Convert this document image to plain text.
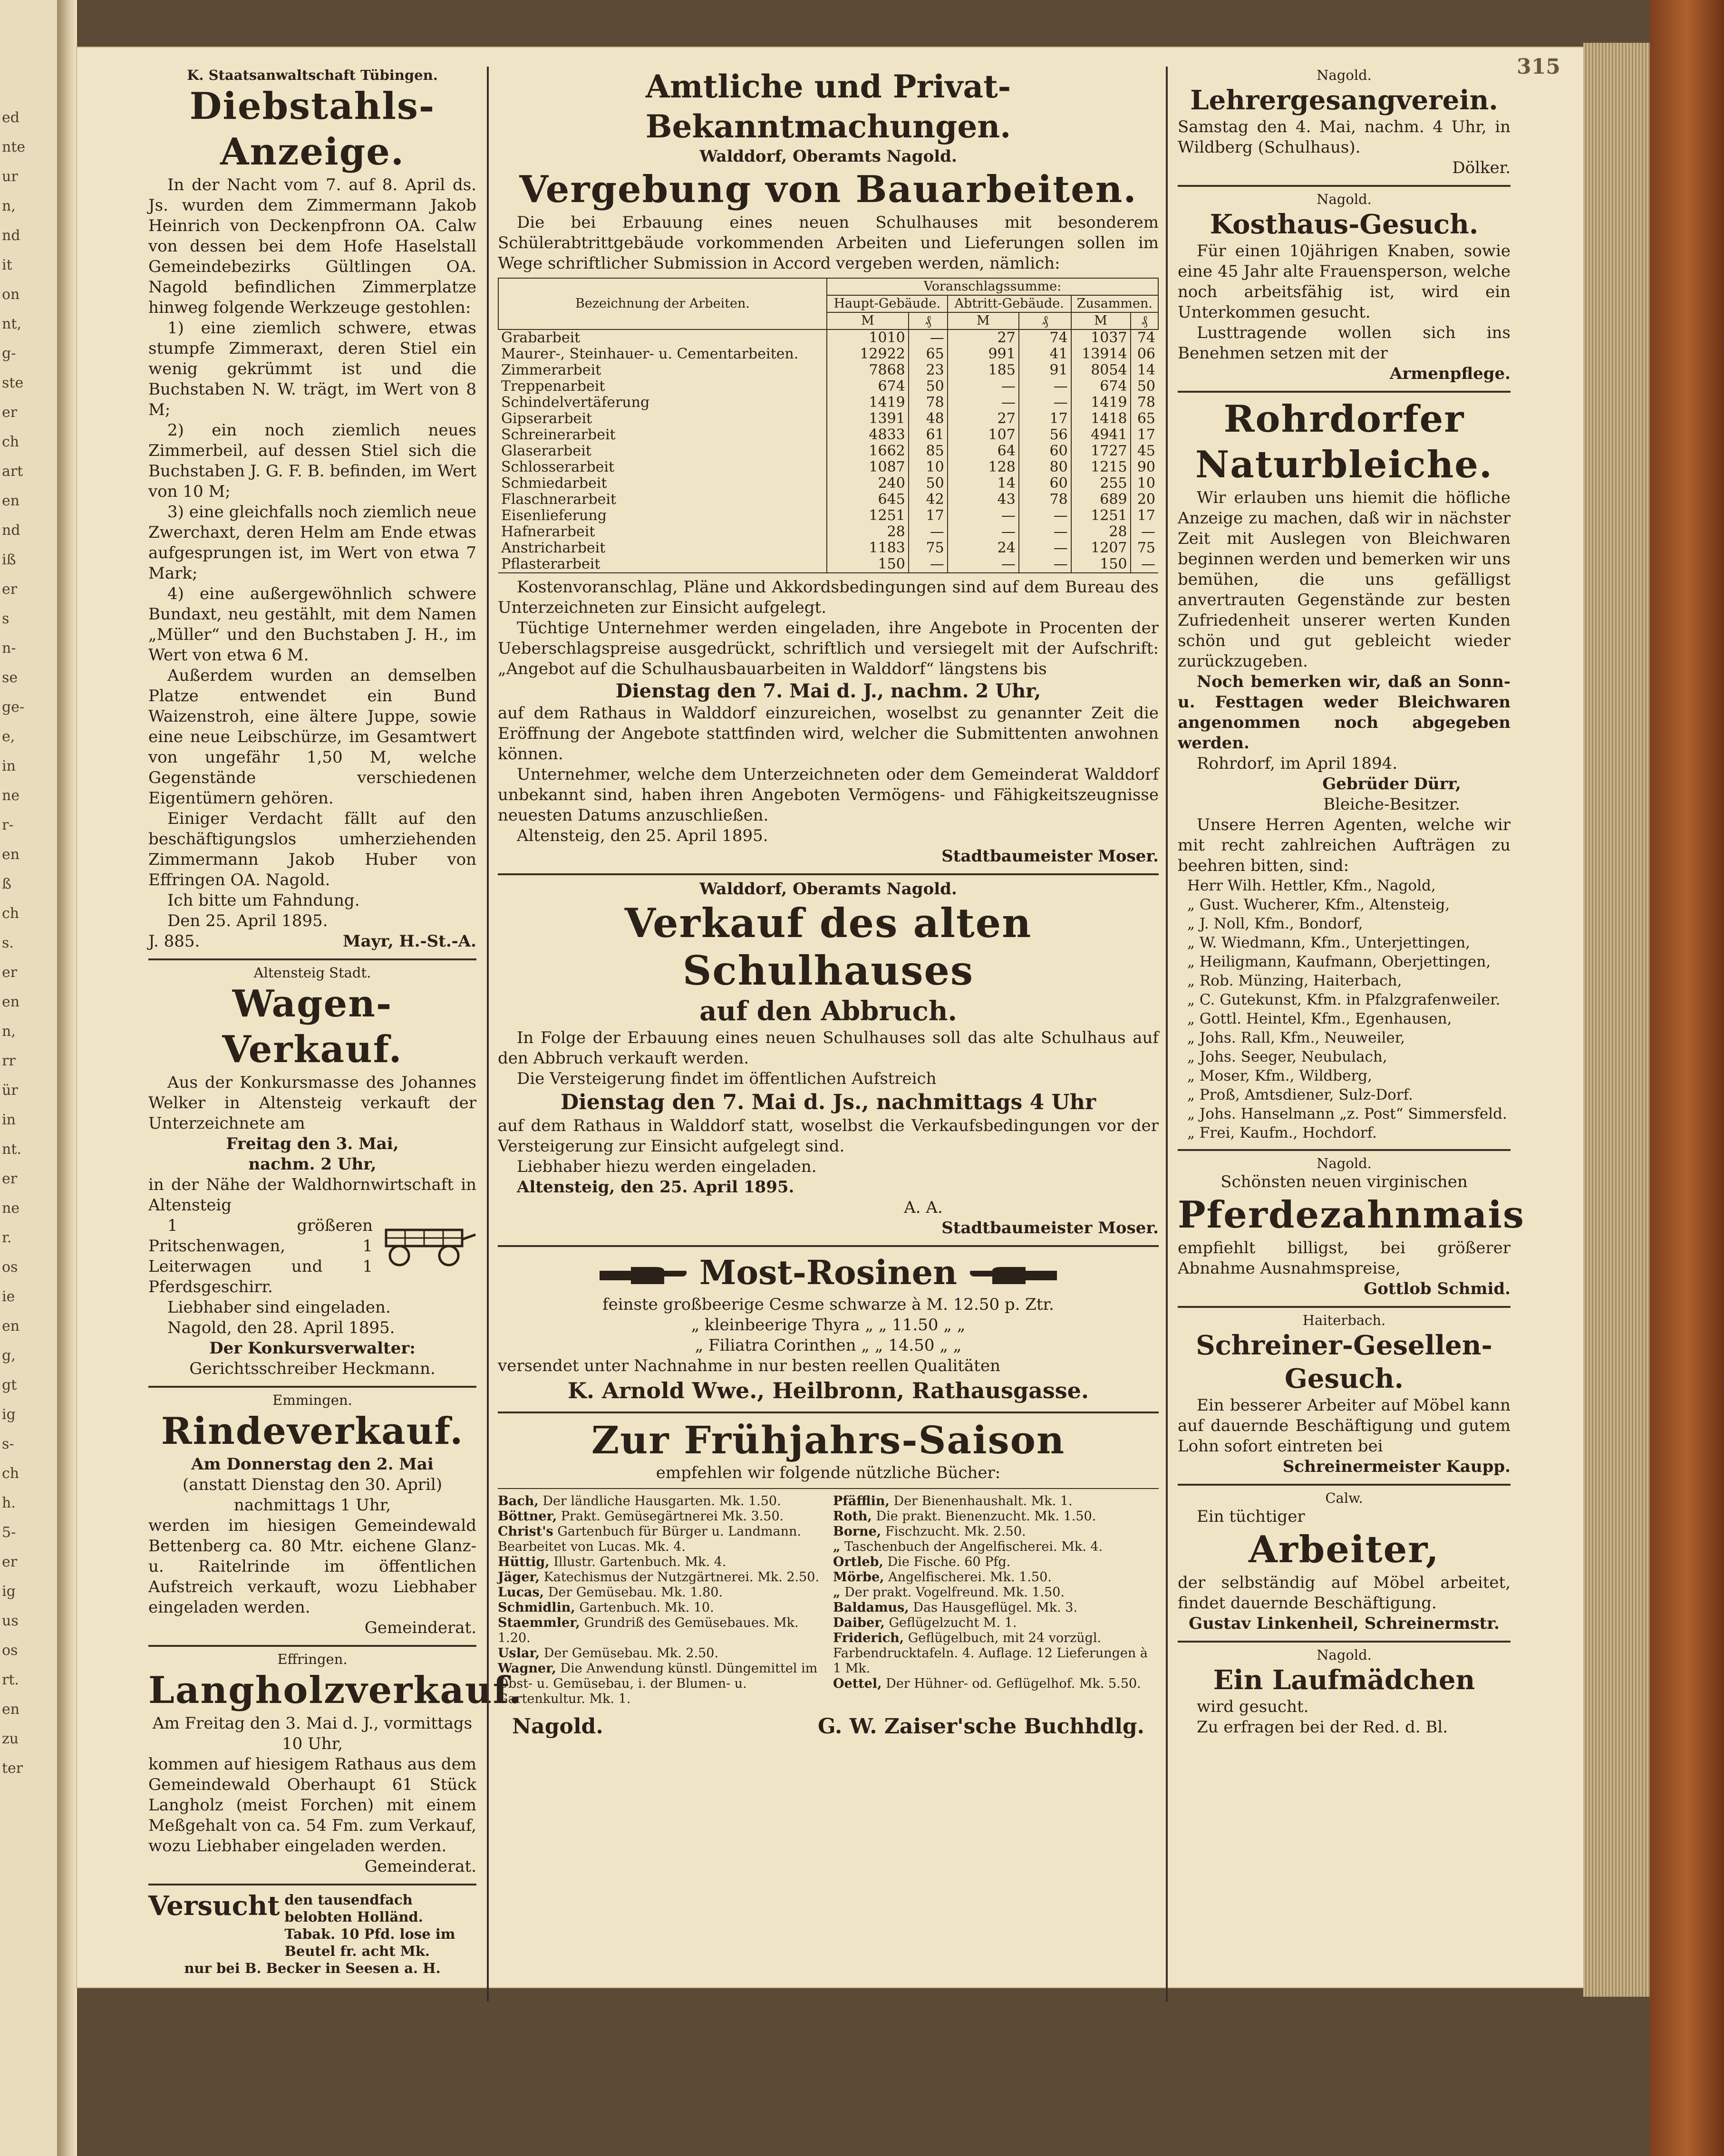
ed
nte
ur
n,
nd
it
on
nt,
g-
ste
er
ch
art
en
nd
iß
er
s
n-
se
ge-
e,
in
ne
r-
en
ß
ch
s.
er
en
n,
rr
ür
in
nt.
er
ne
r.
os
ie
en
g,
gt
ig
s-
ch
h.
5-
er
ig
us
os
rt.
en
zu
ter

K. Staatsanwaltschaft Tübingen.

Diebstahls-Anzeige.

In der Nacht vom 7. auf 8. April ds. Js. wurden dem Zimmermann Jakob Heinrich von Deckenpfronn OA. Calw von dessen bei dem Hofe Haselstall Gemeindebezirks Gültlingen OA. Nagold befindlichen Zimmerplatze hinweg folgende Werkzeuge gestohlen:

1) eine ziemlich schwere, etwas stumpfe Zimmeraxt, deren Stiel ein wenig gekrümmt ist und die Buchstaben N. W. trägt, im Wert von 8 M;

2) ein noch ziemlich neues Zimmerbeil, auf dessen Stiel sich die Buchstaben J. G. F. B. befinden, im Wert von 10 M;

3) eine gleichfalls noch ziemlich neue Zwerchaxt, deren Helm am Ende etwas aufgesprungen ist, im Wert von etwa 7 Mark;

4) eine außergewöhnlich schwere Bundaxt, neu gestählt, mit dem Namen „Müller“ und den Buchstaben J. H., im Wert von etwa 6 M.

Außerdem wurden an demselben Platze entwendet ein Bund Waizenstroh, eine ältere Juppe, sowie eine neue Leibschürze, im Gesamtwert von ungefähr 1,50 M, welche Gegenstände verschiedenen Eigentümern gehören.

Einiger Verdacht fällt auf den beschäftigungslos umherziehenden Zimmermann Jakob Huber von Effringen OA. Nagold.

Ich bitte um Fahndung.

Den 25. April 1895.

J. 885.	Mayr, H.-St.-A.

Altensteig Stadt.

Wagen-Verkauf.

Aus der Konkursmasse des Johannes Welker in Altensteig verkauft der Unterzeichnete am

Freitag den 3. Mai,

nachm. 2 Uhr,

in der Nähe der Waldhornwirtschaft in Altensteig

1 größeren Pritschenwagen, 1 Leiterwagen und 1 Pferdsgeschirr.

Liebhaber sind eingeladen.

Nagold, den 28. April 1895.

Der Konkursverwalter:

Gerichtsschreiber Heckmann.

Emmingen.

Rindeverkauf.

Am Donnerstag den 2. Mai

(anstatt Dienstag den 30. April)

nachmittags 1 Uhr,

werden im hiesigen Gemeindewald Bettenberg ca. 80 Mtr. eichene Glanz- u. Raitelrinde im öffentlichen Aufstreich verkauft, wozu Liebhaber eingeladen werden.

Gemeinderat.

Effringen.

Langholzverkauf.

Am Freitag den 3. Mai d. J., vormittags 10 Uhr,

kommen auf hiesigem Rathaus aus dem Gemeindewald Oberhaupt 61 Stück Langholz (meist Forchen) mit einem Meßgehalt von ca. 54 Fm. zum Verkauf, wozu Liebhaber eingeladen werden.

Gemeinderat.

Versucht den tausendfach belobten Holländ. Tabak. 10 Pfd. lose im Beutel fr. acht Mk.

nur bei B. Becker in Seesen a. H.

Amtliche und Privat-Bekanntmachungen.

Walddorf, Oberamts Nagold.

Vergebung von Bauarbeiten.

Die bei Erbauung eines neuen Schulhauses mit besonderem Schülerabtrittgebäude vorkommenden Arbeiten und Lieferungen sollen im Wege schriftlicher Submission in Accord vergeben werden, nämlich:

Bezeichnung der Arbeiten.	Voranschlagssumme:					
	Haupt-Gebäude.		Abtritt-Gebäude.		Zusammen.	
	M	₰	M	₰	M	₰
Grabarbeit	1010	—	27	74	1037	74
Maurer-, Steinhauer- u. Cementarbeiten.	12922	65	991	41	13914	06
Zimmerarbeit	7868	23	185	91	8054	14
Treppenarbeit	674	50	—	—	674	50
Schindelvertäferung	1419	78	—	—	1419	78
Gipserarbeit	1391	48	27	17	1418	65
Schreinerarbeit	4833	61	107	56	4941	17
Glaserarbeit	1662	85	64	60	1727	45
Schlosserarbeit	1087	10	128	80	1215	90
Schmiedarbeit	240	50	14	60	255	10
Flaschnerarbeit	645	42	43	78	689	20
Eisenlieferung	1251	17	—	—	1251	17
Hafnerarbeit	28	—	—	—	28	—
Anstricharbeit	1183	75	24	—	1207	75
Pflasterarbeit	150	—	—	—	150	—

Kostenvoranschlag, Pläne und Akkordsbedingungen sind auf dem Bureau des Unterzeichneten zur Einsicht aufgelegt.

Tüchtige Unternehmer werden eingeladen, ihre Angebote in Procenten der Ueberschlagspreise ausgedrückt, schriftlich und versiegelt mit der Aufschrift: „Angebot auf die Schulhausbauarbeiten in Walddorf“ längstens bis

Dienstag den 7. Mai d. J., nachm. 2 Uhr,

auf dem Rathaus in Walddorf einzureichen, woselbst zu genannter Zeit die Eröffnung der Angebote stattfinden wird, welcher die Submittenten anwohnen können.

Unternehmer, welche dem Unterzeichneten oder dem Gemeinderat Walddorf unbekannt sind, haben ihren Angeboten Vermögens- und Fähigkeitszeugnisse neuesten Datums anzuschließen.

Altensteig, den 25. April 1895.

Stadtbaumeister Moser.

Walddorf, Oberamts Nagold.

Verkauf des alten Schulhauses

auf den Abbruch.

In Folge der Erbauung eines neuen Schulhauses soll das alte Schulhaus auf den Abbruch verkauft werden.

Die Versteigerung findet im öffentlichen Aufstreich

Dienstag den 7. Mai d. Js., nachmittags 4 Uhr

auf dem Rathaus in Walddorf statt, woselbst die Verkaufsbedingungen vor der Versteigerung zur Einsicht aufgelegt sind.

Liebhaber hiezu werden eingeladen.

Altensteig, den 25. April 1895.

A. A.

Stadtbaumeister Moser.

Most-Rosinen

feinste großbeerige Cesme schwarze à M. 12.50 p. Ztr.

„ kleinbeerige Thyra „ „ 11.50 „ „

„ Filiatra Corinthen „ „ 14.50 „ „

versendet unter Nachnahme in nur besten reellen Qualitäten

K. Arnold Wwe., Heilbronn, Rathausgasse.

Zur Frühjahrs-Saison

empfehlen wir folgende nützliche Bücher:

Bach, Der ländliche Hausgarten. Mk. 1.50.

Böttner, Prakt. Gemüsegärtnerei Mk. 3.50.

Christ's Gartenbuch für Bürger u. Landmann. Bearbeitet von Lucas. Mk. 4.

Hüttig, Illustr. Gartenbuch. Mk. 4.

Jäger, Katechismus der Nutzgärtnerei. Mk. 2.50.

Lucas, Der Gemüsebau. Mk. 1.80.

Schmidlin, Gartenbuch. Mk. 10.

Staemmler, Grundriß des Gemüsebaues. Mk. 1.20.

Uslar, Der Gemüsebau. Mk. 2.50.

Wagner, Die Anwendung künstl. Düngemittel im Obst- u. Gemüsebau, i. der Blumen- u. Gartenkultur. Mk. 1.

Pfäfflin, Der Bienenhaushalt. Mk. 1.

Roth, Die prakt. Bienenzucht. Mk. 1.50.

Borne, Fischzucht. Mk. 2.50.

„ Taschenbuch der Angelfischerei. Mk. 4.

Ortleb, Die Fische. 60 Pfg.

Mörbe, Angelfischerei. Mk. 1.50.

„ Der prakt. Vogelfreund. Mk. 1.50.

Baldamus, Das Hausgeflügel. Mk. 3.

Daiber, Geflügelzucht M. 1.

Friderich, Geflügelbuch, mit 24 vorzügl. Farbendrucktafeln. 4. Auflage. 12 Lieferungen à 1 Mk.

Oettel, Der Hühner- od. Geflügelhof. Mk. 5.50.

Nagold.	G. W. Zaiser'sche Buchhdlg.

Nagold.

Lehrergesangverein.

Samstag den 4. Mai, nachm. 4 Uhr, in Wildberg (Schulhaus).

Dölker.

Nagold.

Kosthaus-Gesuch.

Für einen 10jährigen Knaben, sowie eine 45 Jahr alte Frauensperson, welche noch arbeitsfähig ist, wird ein Unterkommen gesucht.

Lusttragende wollen sich ins Benehmen setzen mit der

Armenpflege.

Rohrdorfer

Naturbleiche.

Wir erlauben uns hiemit die höfliche Anzeige zu machen, daß wir in nächster Zeit mit Auslegen von Bleichwaren beginnen werden und bemerken wir uns bemühen, die uns gefälligst anvertrauten Gegenstände zur besten Zufriedenheit unserer werten Kunden schön und gut gebleicht wieder zurückzugeben.

Noch bemerken wir, daß an Sonn- u. Festtagen weder Bleichwaren angenommen noch abgegeben werden.

Rohrdorf, im April 1894.

Gebrüder Dürr,

Bleiche-Besitzer.

Unsere Herren Agenten, welche wir mit recht zahlreichen Aufträgen zu beehren bitten, sind:

Herr Wilh. Hettler, Kfm., Nagold,
„ Gust. Wucherer, Kfm., Altensteig,
„ J. Noll, Kfm., Bondorf,
„ W. Wiedmann, Kfm., Unterjettingen,
„ Heiligmann, Kaufmann, Oberjettingen,
„ Rob. Münzing, Haiterbach,
„ C. Gutekunst, Kfm. in Pfalzgrafenweiler.
„ Gottl. Heintel, Kfm., Egenhausen,
„ Johs. Rall, Kfm., Neuweiler,
„ Johs. Seeger, Neubulach,
„ Moser, Kfm., Wildberg,
„ Proß, Amtsdiener, Sulz-Dorf.
„ Johs. Hanselmann „z. Post“ Simmersfeld.
„ Frei, Kaufm., Hochdorf.

Nagold.

Schönsten neuen virginischen

Pferdezahnmais

empfiehlt billigst, bei größerer Abnahme Ausnahmspreise,

Gottlob Schmid.

Haiterbach.

Schreiner-Gesellen-Gesuch.

Ein besserer Arbeiter auf Möbel kann auf dauernde Beschäftigung und gutem Lohn sofort eintreten bei

Schreinermeister Kaupp.

Calw.

Ein tüchtiger

Arbeiter,

der selbständig auf Möbel arbeitet, findet dauernde Beschäftigung.

Gustav Linkenheil, Schreinermstr.

Nagold.

Ein Laufmädchen

wird gesucht.

Zu erfragen bei der Red. d. Bl.

315
